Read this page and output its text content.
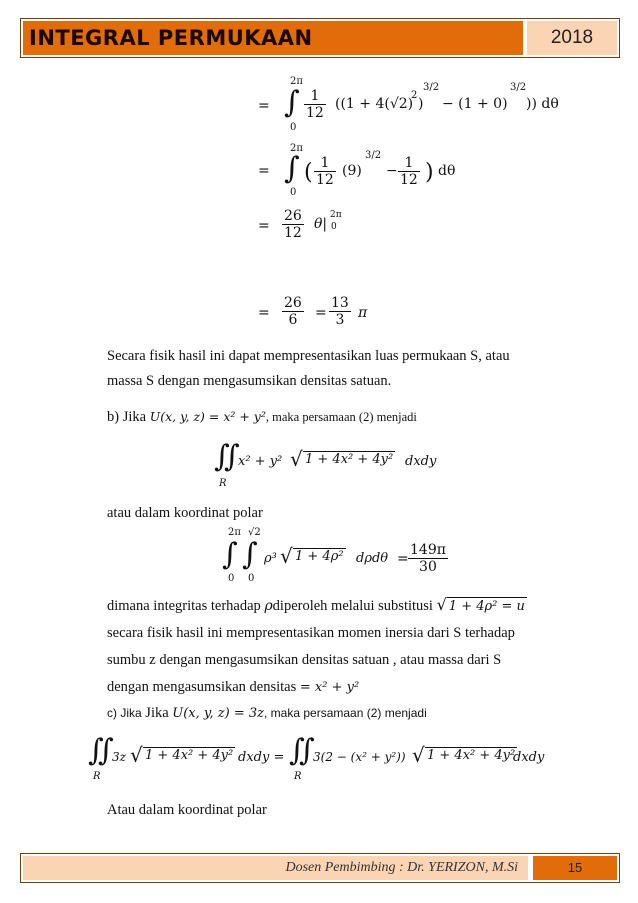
INTEGRAL PERMUKAAN	2018
=
2π
∫
0
$\frac{1}{12} ((1 + 4(√2)$
2
)
3/2
− (1 + 0)
3/2
)) dθ
=
2π
∫
0
( $\frac{1}{12} (9)$
3/2
− $\frac{1}{12}$ ) dθ
= $\frac{26}{12} \theta|$
2π
0
= $\frac{26}{6} = \frac{13}{3}$ π
Secara fisik hasil ini dapat mempresentasikan luas permukaan S, atau
massa S dengan mengasumsikan densitas satuan.
b) Jika U(x, y, z) = x² + y², maka persamaan (2) menjadi
∬
R
x² + y² √ 1 + 4x² + 4y² dxdy
atau dalam koordinat polar
2π
∫
0
√2
∫
0
ρ³ √ 1 + 4ρ² $d\rho d\theta = \frac{149\pi}{30}$
dimana integritas terhadap ρdiperoleh melalui substitusi √ 1 + 4ρ² = u
secara fisik hasil ini mempresentasikan momen inersia dari S terhadap
sumbu z dengan mengasumsikan densitas satuan , atau massa dari S
dengan mengasumsikan densitas = x² + y²
c) Jika Jika U(x, y, z) = 3z, maka persamaan (2) menjadi
∬
R
3z √ 1 + 4x² + 4y² dxdy = ∬
R
3(2 − (x² + y²)) √ 1 + 4x² + 4y²
dxdy
Atau dalam koordinat polar
Dosen Pembimbing : Dr. YERIZON, M.Si	15
